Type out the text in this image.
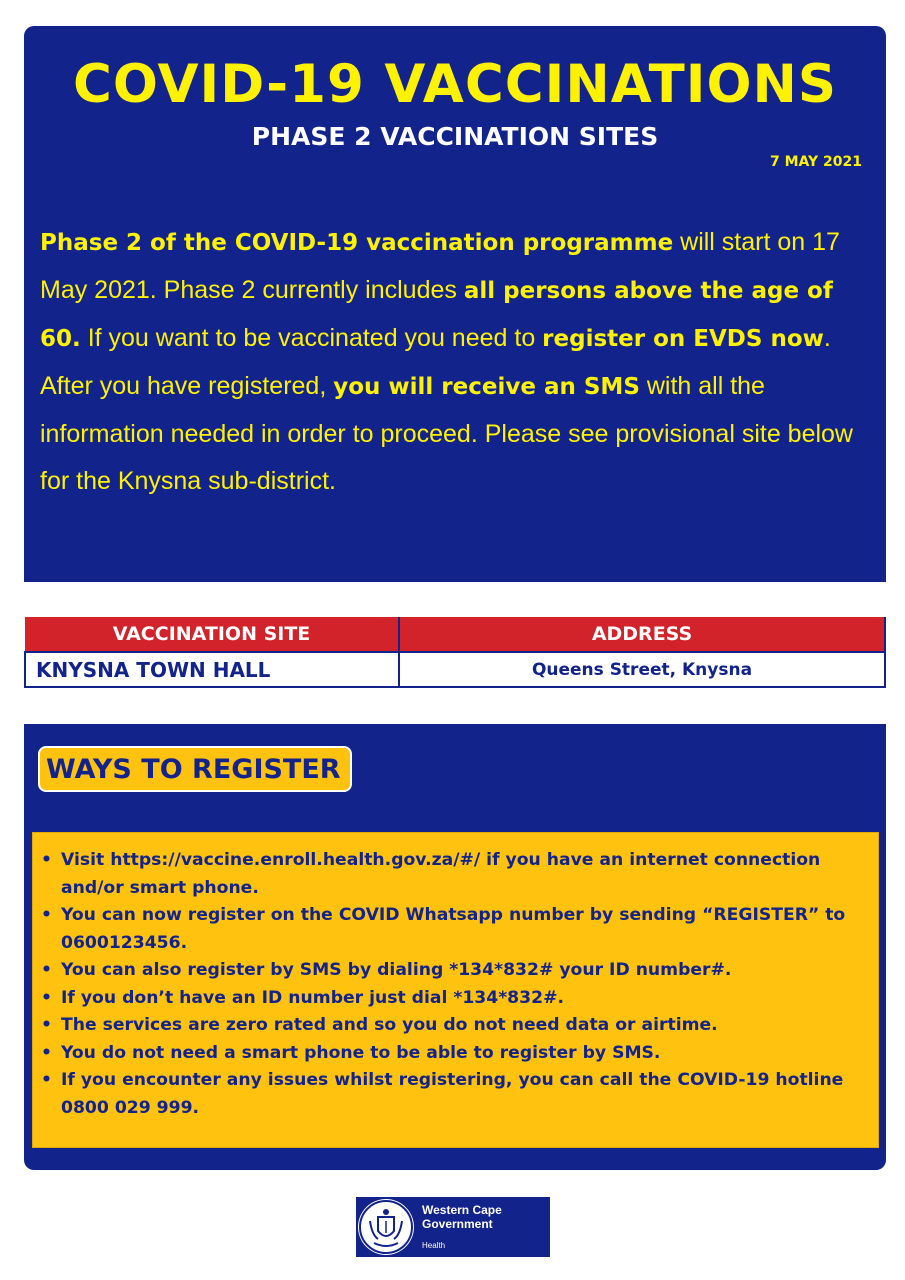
COVID-19 VACCINATIONS
PHASE 2 VACCINATION SITES
7 MAY 2021
Phase 2 of the COVID-19 vaccination programme will start on 17 May 2021. Phase 2 currently includes all persons above the age of 60. If you want to be vaccinated you need to register on EVDS now. After you have registered, you will receive an SMS with all the information needed in order to proceed. Please see provisional site below for the Knysna sub-district.
VACCINATION SITE	ADDRESS
KNYSNA TOWN HALL	Queens Street, Knysna
WAYS TO REGISTER
• Visit https://vaccine.enroll.health.gov.za/#/ if you have an internet connection and/or smart phone.
• You can now register on the COVID Whatsapp number by sending “REGISTER” to 0600123456.
• You can also register by SMS by dialing *134*832# your ID number#.
• If you don’t have an ID number just dial *134*832#.
• The services are zero rated and so you do not need data or airtime.
• You do not need a smart phone to be able to register by SMS.
• If you encounter any issues whilst registering, you can call the COVID-19 hotline 0800 029 999.
Western Cape
Government
Health
